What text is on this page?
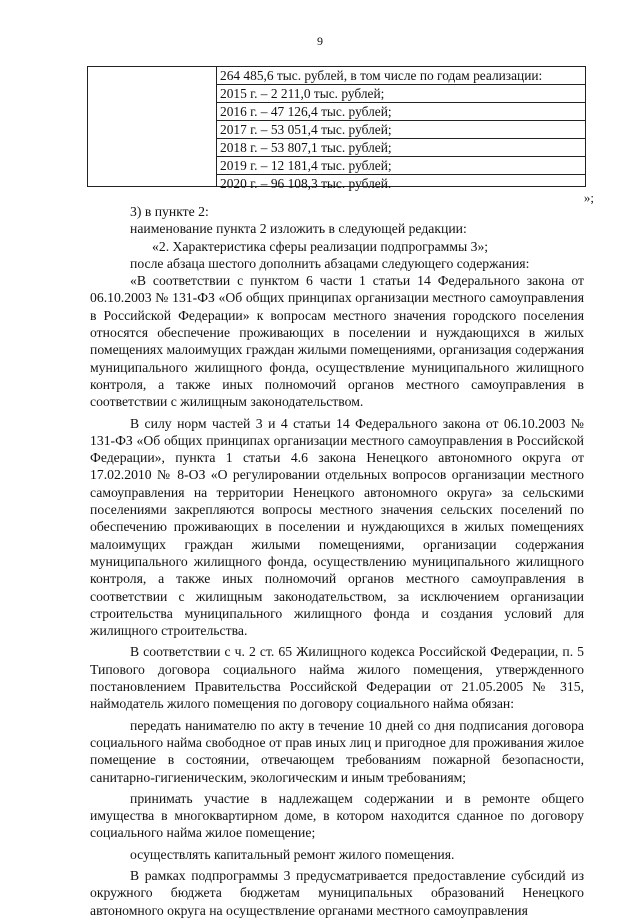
9
264 485,6 тыс. рублей, в том числе по годам реализации:
2015 г. – 2 211,0 тыс. рублей;
2016 г. – 47 126,4 тыс. рублей;
2017 г. – 53 051,4 тыс. рублей;
2018 г. – 53 807,1 тыс. рублей;
2019 г. – 12 181,4 тыс. рублей;
2020 г. – 96 108,3 тыс. рублей.
»;

3) в пункте 2:

наименование пункта 2 изложить в следующей редакции:

«2. Характеристика сферы реализации подпрограммы 3»;

после абзаца шестого дополнить абзацами следующего содержания:

«В соответствии с пунктом 6 части 1 статьи 14 Федерального закона от 06.10.2003 № 131-ФЗ «Об общих принципах организации местного самоуправления в Российской Федерации» к вопросам местного значения городского поселения относятся обеспечение проживающих в поселении и нуждающихся в жилых помещениях малоимущих граждан жилыми помещениями, организация содержания муниципального жилищного фонда, осуществление муниципального жилищного контроля, а также иных полномочий органов местного самоуправления в соответствии с жилищным законодательством.

В силу норм частей 3 и 4 статьи 14 Федерального закона от 06.10.2003 № 131-ФЗ «Об общих принципах организации местного самоуправления в Российской Федерации», пункта 1 статьи 4.6 закона Ненецкого автономного округа от 17.02.2010 № 8-ОЗ «О регулировании отдельных вопросов организации местного самоуправления на территории Ненецкого автономного округа» за сельскими поселениями закрепляются вопросы местного значения сельских поселений по обеспечению проживающих в поселении и нуждающихся в жилых помещениях малоимущих граждан жилыми помещениями, организации содержания муниципального жилищного фонда, осуществлению муниципального жилищного контроля, а также иных полномочий органов местного самоуправления в соответствии с жилищным законодательством, за исключением организации строительства муниципального жилищного фонда и создания условий для жилищного строительства.

В соответствии с ч. 2 ст. 65 Жилищного кодекса Российской Федерации, п. 5 Типового договора социального найма жилого помещения, утвержденного постановлением Правительства Российской Федерации от 21.05.2005 № 315, наймодатель жилого помещения по договору социального найма обязан:

передать нанимателю по акту в течение 10 дней со дня подписания договора социального найма свободное от прав иных лиц и пригодное для проживания жилое помещение в состоянии, отвечающем требованиям пожарной безопасности, санитарно-гигиеническим, экологическим и иным требованиям;

принимать участие в надлежащем содержании и в ремонте общего имущества в многоквартирном доме, в котором находится сданное по договору социального найма жилое помещение;

осуществлять капитальный ремонт жилого помещения.

В рамках подпрограммы 3 предусматривается предоставление субсидий из окружного бюджета бюджетам муниципальных образований Ненецкого автономного округа на осуществление органами местного самоуправления
